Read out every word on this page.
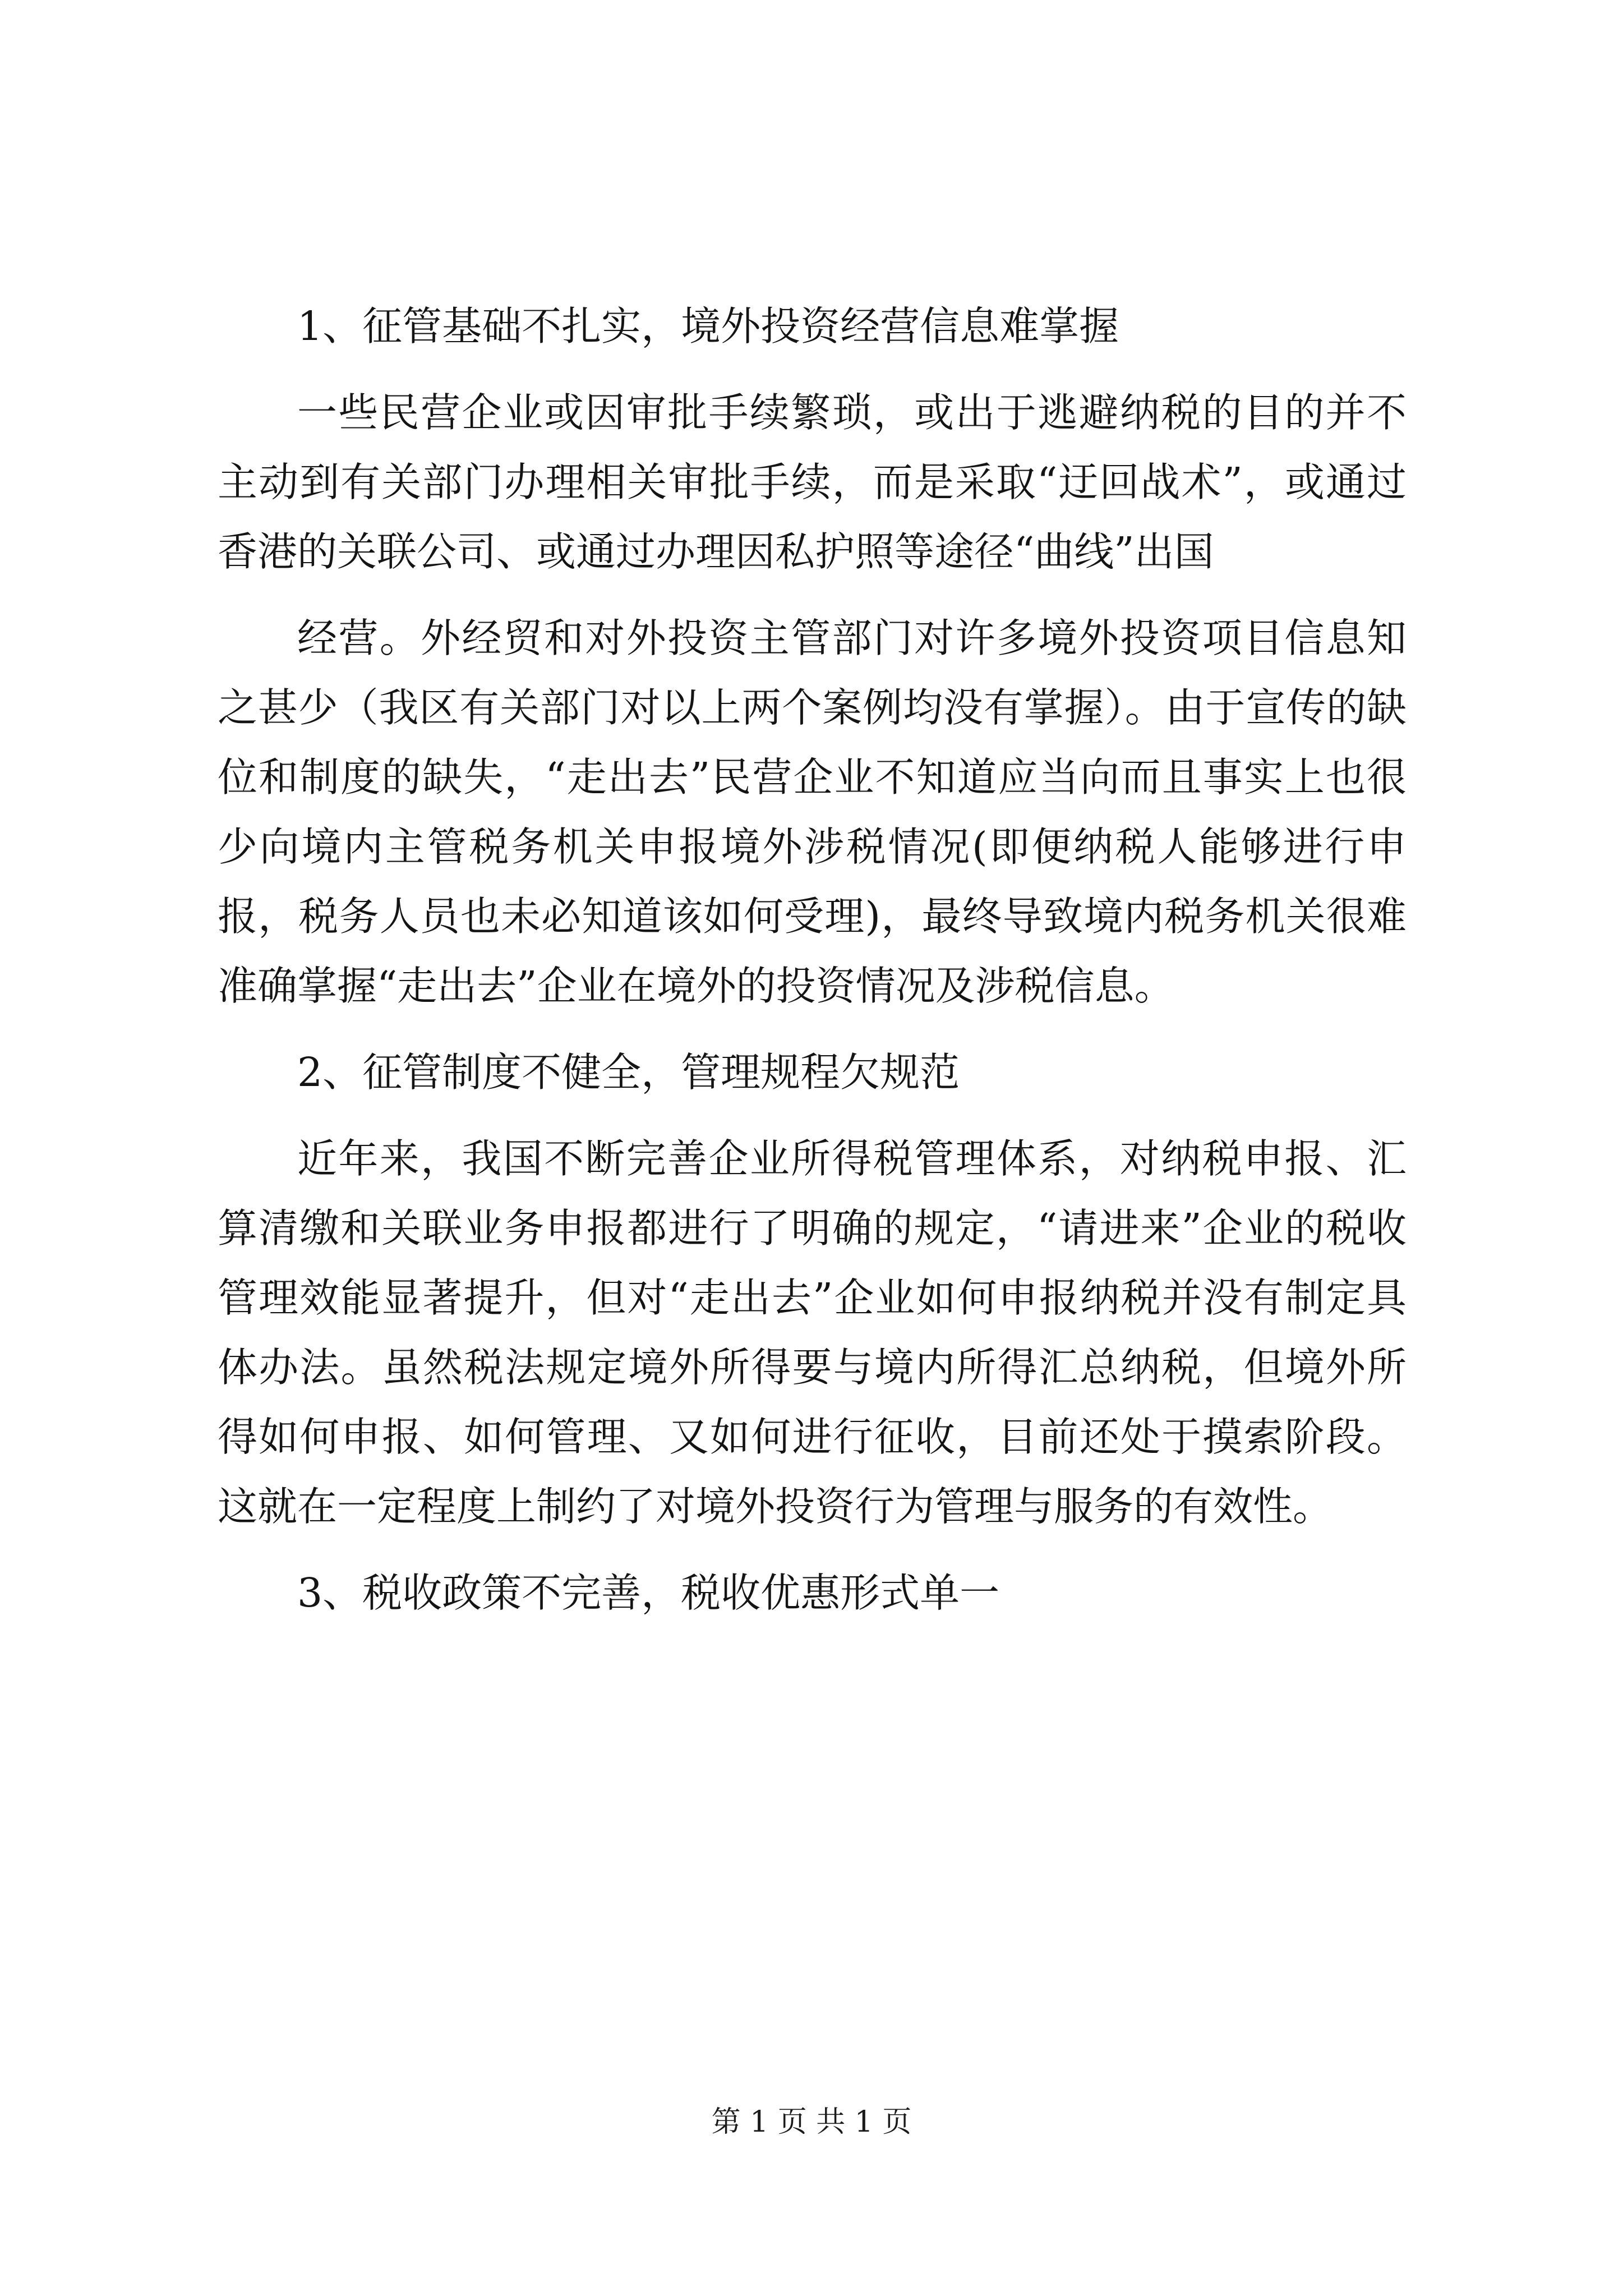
1、征管基础不扎实，境外投资经营信息难掌握

一些民营企业或因审批手续繁琐，或出于逃避纳税的目的并不主动到有关部门办理相关审批手续，而是采取“迂回战术”，或通过香港的关联公司、或通过办理因私护照等途径“曲线”出国

经营。外经贸和对外投资主管部门对许多境外投资项目信息知之甚少（我区有关部门对以上两个案例均没有掌握）。由于宣传的缺位和制度的缺失，“走出去”民营企业不知道应当向而且事实上也很少向境内主管税务机关申报境外涉税情况(即便纳税人能够进行申报，税务人员也未必知道该如何受理)，最终导致境内税务机关很难准确掌握“走出去”企业在境外的投资情况及涉税信息。

2、征管制度不健全，管理规程欠规范

近年来，我国不断完善企业所得税管理体系，对纳税申报、汇算清缴和关联业务申报都进行了明确的规定，“请进来”企业的税收管理效能显著提升，但对“走出去”企业如何申报纳税并没有制定具体办法。虽然税法规定境外所得要与境内所得汇总纳税，但境外所得如何申报、如何管理、又如何进行征收，目前还处于摸索阶段。这就在一定程度上制约了对境外投资行为管理与服务的有效性。

3、税收政策不完善，税收优惠形式单一

第 1 页 共 1 页
